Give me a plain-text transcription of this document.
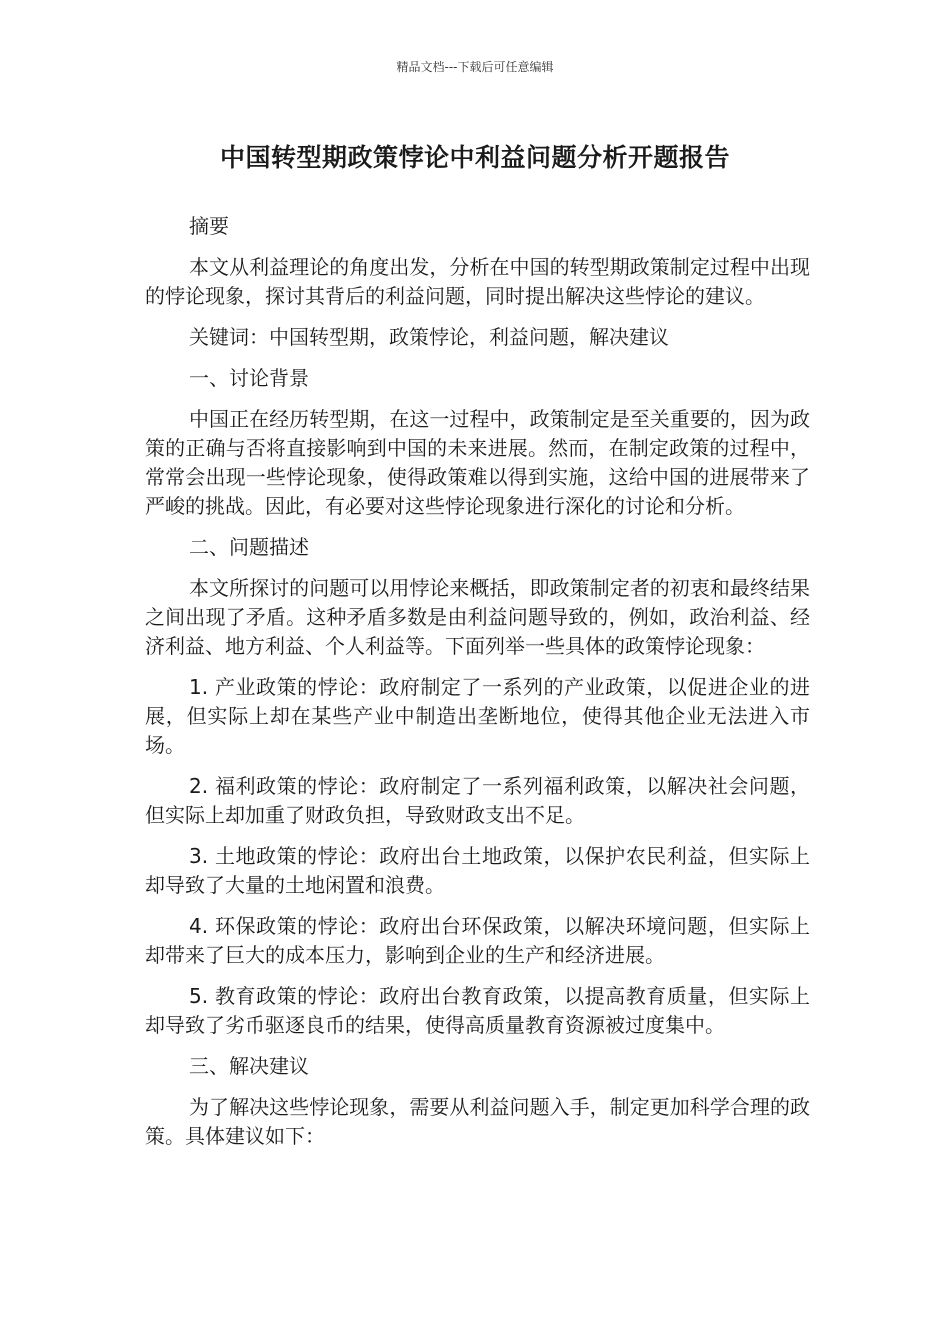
精品文档---下载后可任意编辑
中国转型期政策悖论中利益问题分析开题报告

摘要

本文从利益理论的角度出发，分析在中国的转型期政策制定过程中出现的悖论现象，探讨其背后的利益问题，同时提出解决这些悖论的建议。

关键词：中国转型期，政策悖论，利益问题，解决建议

一、讨论背景

中国正在经历转型期，在这一过程中，政策制定是至关重要的，因为政策的正确与否将直接影响到中国的未来进展。然而，在制定政策的过程中，常常会出现一些悖论现象，使得政策难以得到实施，这给中国的进展带来了严峻的挑战。因此，有必要对这些悖论现象进行深化的讨论和分析。

二、问题描述

本文所探讨的问题可以用悖论来概括，即政策制定者的初衷和最终结果之间出现了矛盾。这种矛盾多数是由利益问题导致的，例如，政治利益、经济利益、地方利益、个人利益等。下面列举一些具体的政策悖论现象：

1. 产业政策的悖论：政府制定了一系列的产业政策，以促进企业的进展，但实际上却在某些产业中制造出垄断地位，使得其他企业无法进入市场。

2. 福利政策的悖论：政府制定了一系列福利政策，以解决社会问题，但实际上却加重了财政负担，导致财政支出不足。

3. 土地政策的悖论：政府出台土地政策，以保护农民利益，但实际上却导致了大量的土地闲置和浪费。

4. 环保政策的悖论：政府出台环保政策，以解决环境问题，但实际上却带来了巨大的成本压力，影响到企业的生产和经济进展。

5. 教育政策的悖论：政府出台教育政策，以提高教育质量，但实际上却导致了劣币驱逐良币的结果，使得高质量教育资源被过度集中。

三、解决建议

为了解决这些悖论现象，需要从利益问题入手，制定更加科学合理的政策。具体建议如下：
